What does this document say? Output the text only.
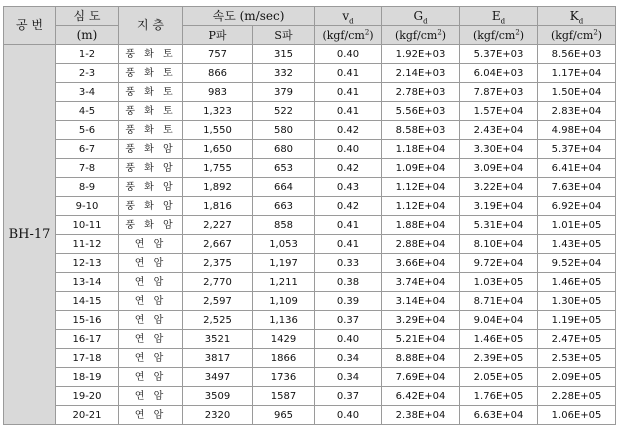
공 번	심 도	지 층	속도 (m/sec)		$v_d$	$G_d$	$E_d$	$K_d$
	(m)		P파	S파	$(kgf/cm^2)$	$(kgf/cm^2)$	$(kgf/cm^2)$	$(kgf/cm^2)$
BH-17	1-2	풍 화 토	757	315	0.40	1.92E+03	5.37E+03	8.56E+03
	2-3	풍 화 토	866	332	0.41	2.14E+03	6.04E+03	1.17E+04
	3-4	풍 화 토	983	379	0.41	2.78E+03	7.87E+03	1.50E+04
	4-5	풍 화 토	1,323	522	0.41	5.56E+03	1.57E+04	2.83E+04
	5-6	풍 화 토	1,550	580	0.42	8.58E+03	2.43E+04	4.98E+04
	6-7	풍 화 암	1,650	680	0.40	1.18E+04	3.30E+04	5.37E+04
	7-8	풍 화 암	1,755	653	0.42	1.09E+04	3.09E+04	6.41E+04
	8-9	풍 화 암	1,892	664	0.43	1.12E+04	3.22E+04	7.63E+04
	9-10	풍 화 암	1,816	663	0.42	1.12E+04	3.19E+04	6.92E+04
	10-11	풍 화 암	2,227	858	0.41	1.88E+04	5.31E+04	1.01E+05
	11-12	연 암	2,667	1,053	0.41	2.88E+04	8.10E+04	1.43E+05
	12-13	연 암	2,375	1,197	0.33	3.66E+04	9.72E+04	9.52E+04
	13-14	연 암	2,770	1,211	0.38	3.74E+04	1.03E+05	1.46E+05
	14-15	연 암	2,597	1,109	0.39	3.14E+04	8.71E+04	1.30E+05
	15-16	연 암	2,525	1,136	0.37	3.29E+04	9.04E+04	1.19E+05
	16-17	연 암	3521	1429	0.40	5.21E+04	1.46E+05	2.47E+05
	17-18	연 암	3817	1866	0.34	8.88E+04	2.39E+05	2.53E+05
	18-19	연 암	3497	1736	0.34	7.69E+04	2.05E+05	2.09E+05
	19-20	연 암	3509	1587	0.37	6.42E+04	1.76E+05	2.28E+05
	20-21	연 암	2320	965	0.40	2.38E+04	6.63E+04	1.06E+05
